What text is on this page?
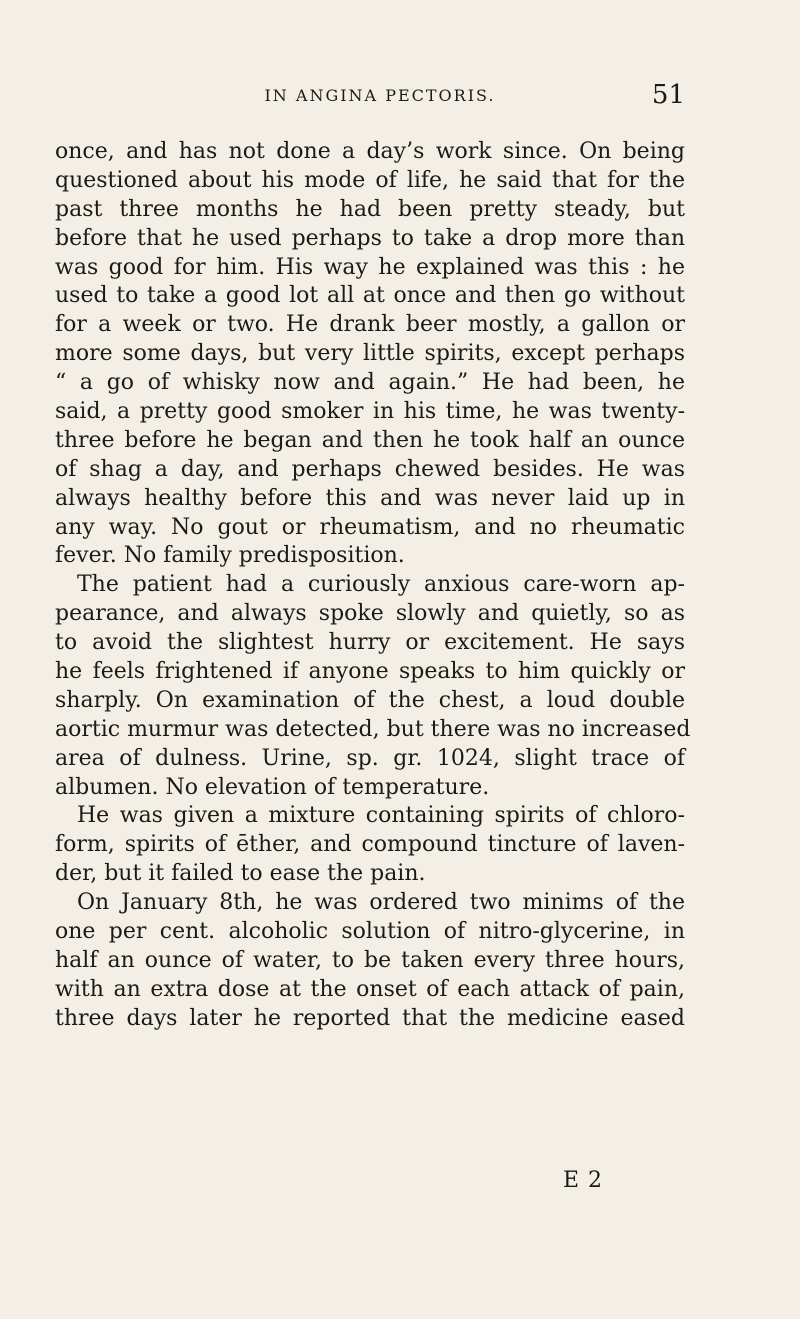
IN ANGINA PECTORIS.	51
once, and has not done a day’s work since. On being
questioned about his mode of life, he said that for the
past three months he had been pretty steady, but
before that he used perhaps to take a drop more than
was good for him. His way he explained was this : he
used to take a good lot all at once and then go without
for a week or two. He drank beer mostly, a gallon or
more some days, but very little spirits, except perhaps
“ a go of whisky now and again.” He had been, he
said, a pretty good smoker in his time, he was twenty-
three before he began and then he took half an ounce
of shag a day, and perhaps chewed besides. He was
always healthy before this and was never laid up in
any way. No gout or rheumatism, and no rheumatic
fever. No family predisposition.
The patient had a curiously anxious care-worn ap-
pearance, and always spoke slowly and quietly, so as
to avoid the slightest hurry or excitement. He says
he feels frightened if anyone speaks to him quickly or
sharply. On examination of the chest, a loud double
aortic murmur was detected, but there was no increased
area of dulness. Urine, sp. gr. 1024, slight trace of
albumen. No elevation of temperature.
He was given a mixture containing spirits of chloro-
form, spirits of ēther, and compound tincture of laven-
der, but it failed to ease the pain.
On January 8th, he was ordered two minims of the
one per cent. alcoholic solution of nitro-glycerine, in
half an ounce of water, to be taken every three hours,
with an extra dose at the onset of each attack of pain,
three days later he reported that the medicine eased
E 2
